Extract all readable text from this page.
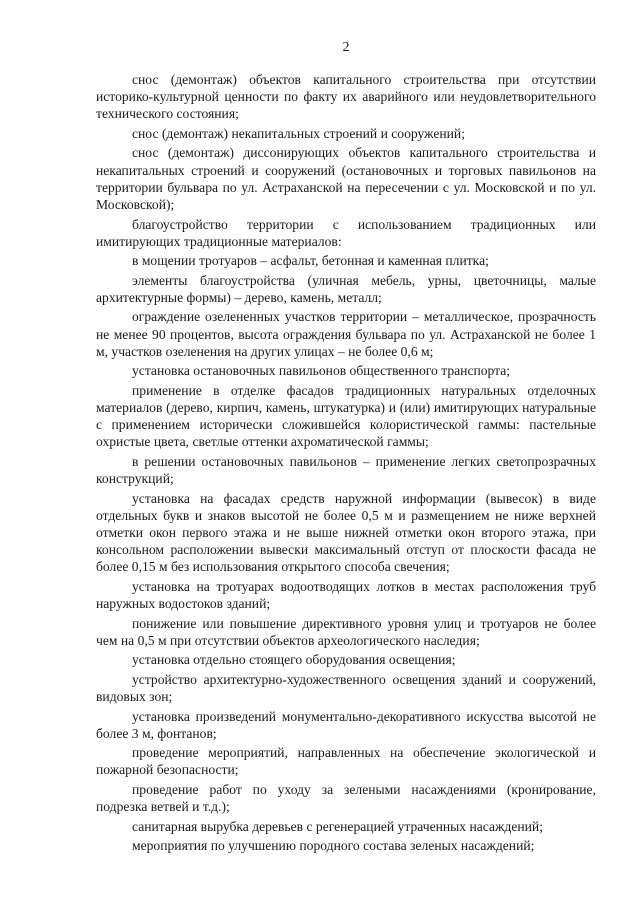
2

снос (демонтаж) объектов капитального строительства при отсутствии историко-культурной ценности по факту их аварийного или неудовлетворительного технического состояния;

снос (демонтаж) некапитальных строений и сооружений;

снос (демонтаж) диссонирующих объектов капитального строительства и некапитальных строений и сооружений (остановочных и торговых павильонов на территории бульвара по ул. Астраханской на пересечении с ул. Московской и по ул. Московской);

благоустройство территории с использованием традиционных или имитирующих традиционные материалов:

в мощении тротуаров – асфальт, бетонная и каменная плитка;

элементы благоустройства (уличная мебель, урны, цветочницы, малые архитектурные формы) – дерево, камень, металл;

ограждение озелененных участков территории – металлическое, прозрачность не менее 90 процентов, высота ограждения бульвара по ул. Астраханской не более 1 м, участков озеленения на других улицах – не более 0,6 м;

установка остановочных павильонов общественного транспорта;

применение в отделке фасадов традиционных натуральных отделочных материалов (дерево, кирпич, камень, штукатурка) и (или) имитирующих натуральные с применением исторически сложившейся колористической гаммы: пастельные охристые цвета, светлые оттенки ахроматической гаммы;

в решении остановочных павильонов – применение легких светопрозрачных конструкций;

установка на фасадах средств наружной информации (вывесок) в виде отдельных букв и знаков высотой не более 0,5 м и размещением не ниже верхней отметки окон первого этажа и не выше нижней отметки окон второго этажа, при консольном расположении вывески максимальный отступ от плоскости фасада не более 0,15 м без использования открытого способа свечения;

установка на тротуарах водоотводящих лотков в местах расположения труб наружных водостоков зданий;

понижение или повышение директивного уровня улиц и тротуаров не более чем на 0,5 м при отсутствии объектов археологического наследия;

установка отдельно стоящего оборудования освещения;

устройство архитектурно-художественного освещения зданий и сооружений, видовых зон;

установка произведений монументально-декоративного искусства высотой не более 3 м, фонтанов;

проведение мероприятий, направленных на обеспечение экологической и пожарной безопасности;

проведение работ по уходу за зелеными насаждениями (кронирование, подрезка ветвей и т.д.);

санитарная вырубка деревьев с регенерацией утраченных насаждений;

мероприятия по улучшению породного состава зеленых насаждений;
